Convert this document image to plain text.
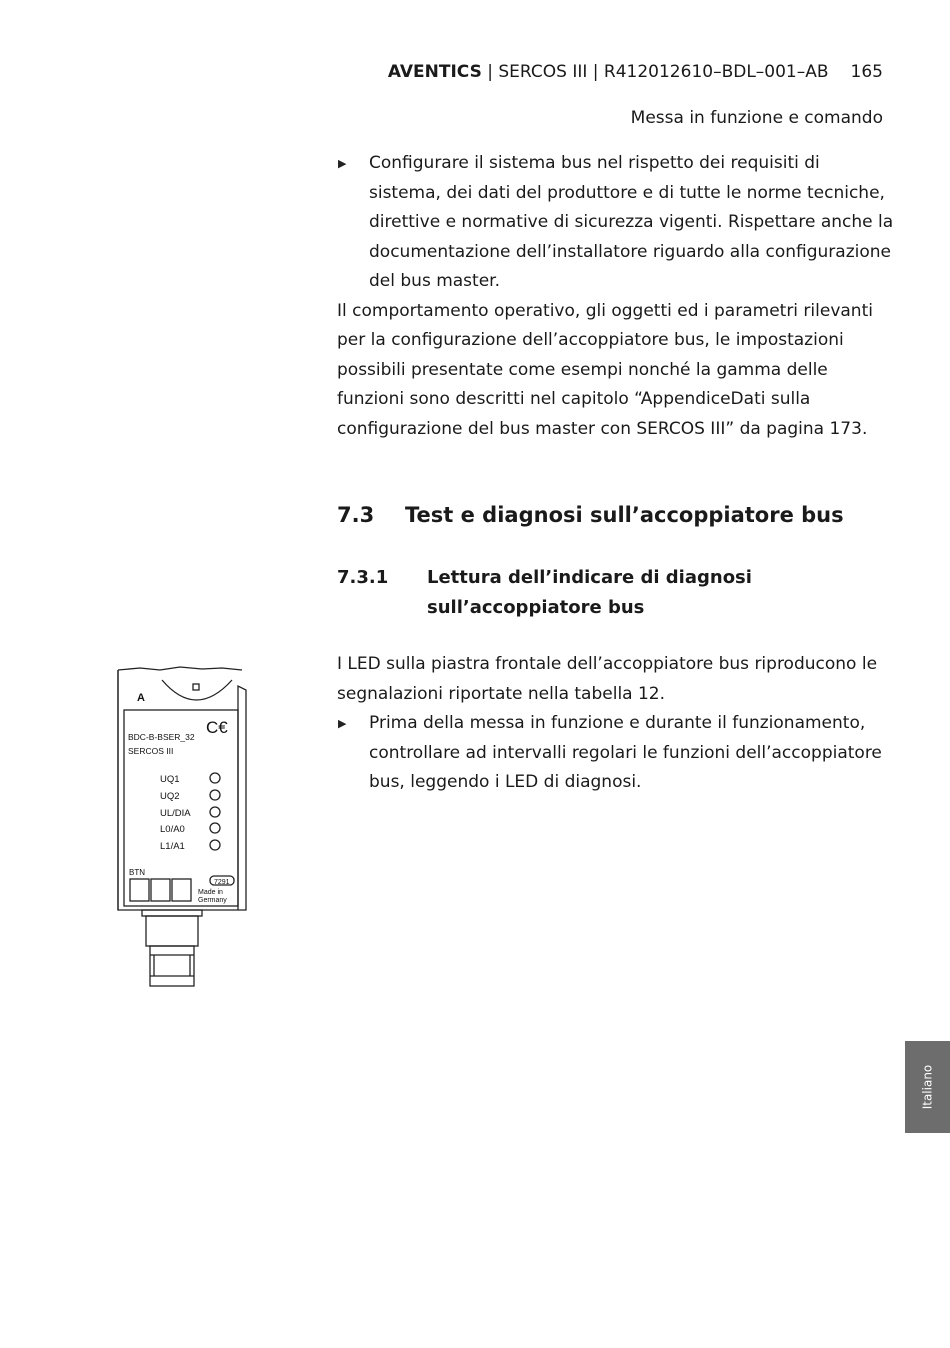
AVENTICS | SERCOS III | R412012610–BDL–001–AB 165
Messa in funzione e comando
▶ Configurare il sistema bus nel rispetto dei requisiti di sistema, dei dati del produttore e di tutte le norme tecniche, direttive e normative di sicurezza vigenti. Rispettare anche la documentazione dell’installatore riguardo alla configurazione del bus master.
Il comportamento operativo, gli oggetti ed i parametri rilevanti per la configurazione dell’accoppiatore bus, le impostazioni possibili presentate come esempi nonché la gamma delle funzioni sono descritti nel capitolo “AppendiceDati sulla configurazione del bus master con SERCOS III” da pagina 173.
7.3 Test e diagnosi sull’accoppiatore bus
7.3.1 Lettura dell’indicare di diagnosi sull’accoppiatore bus
I LED sulla piastra frontale dell’accoppiatore bus riproducono le segnalazioni riportate nella tabella 12.
▶ Prima della messa in funzione e durante il funzionamento, controllare ad intervalli regolari le funzioni dell’accoppiatore bus, leggendo i LED di diagnosi.
A
BDC-B-BSER_32
SERCOS III
C€
UQ1
UQ2
UL/DIA
L0/A0
L1/A1
BTN
7291
Made in
Germany
Italiano
